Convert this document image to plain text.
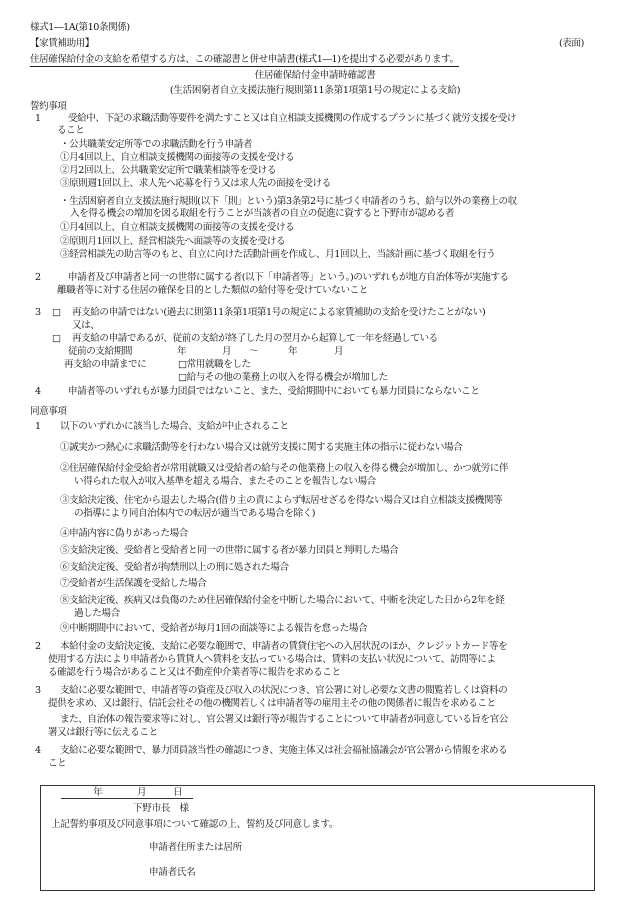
様式1―1A(第10条関係)
【家賃補助用】	(表面)
住居確保給付金の支給を希望する方は、この確認書と併せ申請書(様式1―1)を提出する必要があります。
住居確保給付金申請時確認書
(生活困窮者自立支援法施行規則第11条第1項第1号の規定による支給)
誓約事項
1	受給中、下記の求職活動等要件を満たすこと又は自立相談支援機関の作成するプランに基づく就労支援を受け
ること
・公共職業安定所等での求職活動を行う申請者
①月4回以上、自立相談支援機関の面接等の支援を受ける
②月2回以上、公共職業安定所で職業相談等を受ける
③原則週1回以上、求人先へ応募を行う又は求人先の面接を受ける
・生活困窮者自立支援法施行規則(以下「則」という)第3条第2号に基づく申請者のうち、給与以外の業務上の収
入を得る機会の増加を図る取組を行うことが当該者の自立の促進に資すると下野市が認める者
①月4回以上、自立相談支援機関の面接等の支援を受ける
②原則月1回以上、経営相談先へ面談等の支援を受ける
③経営相談先の助言等のもと、自立に向けた活動計画を作成し、月1回以上、当該計画に基づく取組を行う
2	申請者及び申請者と同一の世帯に属する者(以下「申請者等」という。)のいずれもが地方自治体等が実施する
離職者等に対する住居の確保を目的とした類似の給付等を受けていないこと
3 □ 再支給の申請ではない(過去に則第11条第1項第1号の規定による家賃補助の支給を受けたことがない)
又は、
□ 再支給の申請であるが、従前の支給が終了した月の翌月から起算して一年を経過している
従前の支給期間	年	月 ～	年	月
再支給の申請までに	□常用就職をした
□給与その他の業務上の収入を得る機会が増加した
4	申請者等のいずれもが暴力団員ではないこと、また、受給期間中においても暴力団員にならないこと
同意事項
1 以下のいずれかに該当した場合、支給が中止されること
①誠実かつ熱心に求職活動等を行わない場合又は就労支援に関する実施主体の指示に従わない場合
②住居確保給付金受給者が常用就職又は受給者の給与その他業務上の収入を得る機会が増加し、かつ就労に伴
い得られた収入が収入基準を超える場合、またそのことを報告しない場合
③支給決定後、住宅から退去した場合(借り主の責によらず転居せざるを得ない場合又は自立相談支援機関等
の指導により同自治体内での転居が適当である場合を除く)
④申請内容に偽りがあった場合
⑤支給決定後、受給者と受給者と同一の世帯に属する者が暴力団員と判明した場合
⑥支給決定後、受給者が拘禁刑以上の刑に処された場合
⑦受給者が生活保護を受給した場合
⑧支給決定後、疾病又は負傷のため住居確保給付金を中断した場合において、中断を決定した日から2年を経
過した場合
⑨中断期間中において、受給者が毎月1回の面談等による報告を怠った場合
2 本給付金の支給決定後、支給に必要な範囲で、申請者の賃貸住宅への入居状況のほか、クレジットカード等を
使用する方法により申請者から賃貸人へ賃料を支払っている場合は、賃料の支払い状況について、訪問等によ
る確認を行う場合があること又は不動産仲介業者等に報告を求めること
3 支給に必要な範囲で、申請者等の資産及び収入の状況につき、官公署に対し必要な文書の閲覧若しくは資料の
提供を求め、又は銀行、信託会社その他の機関若しくは申請者等の雇用主その他の関係者に報告を求めること
また、自治体の報告要求等に対し、官公署又は銀行等が報告することについて申請者が同意している旨を官公
署又は銀行等に伝えること
4 支給に必要な範囲で、暴力団員該当性の確認につき、実施主体又は社会福祉協議会が官公署から情報を求める
こと
年	月	日
下野市長　様
上記誓約事項及び同意事項について確認の上、誓約及び同意します。
申請者住所または居所
申請者氏名
